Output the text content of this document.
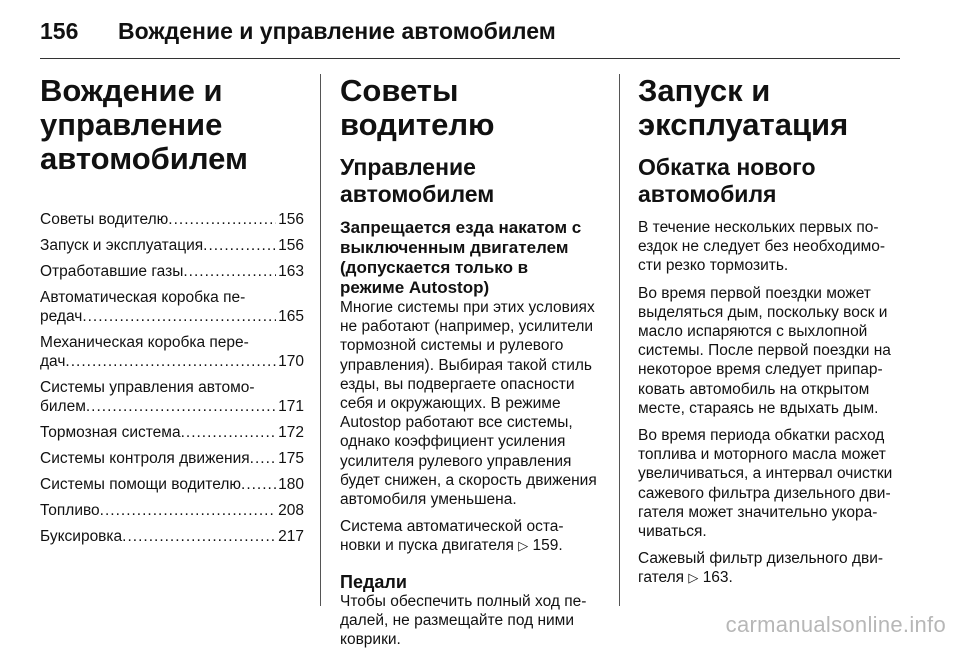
156	Вождение и управление автомобилем
Вождение и
управление
автомобилем
Советы водителю .....	156
Запуск и эксплуатация .....	156
Отработавшие газы .....	163
Автоматическая коробка пе-
редач .....	165
Механическая коробка пере-
дач .....	170
Системы управления автомо-
билем .....	171
Тормозная система .....	172
Системы контроля движения ..... 175
Системы помощи водителю ..... 180
Топливо .....	208
Буксировка .....	217
Советы водителю
Управление
автомобилем
Запрещается езда накатом с
выключенным двигателем
(допускается только в
режиме Autostop)
Многие системы при этих условиях
не работают (например, усилители
тормозной системы и рулевого
управления). Выбирая такой стиль
езды, вы подвергаете опасности
себя и окружающих. В режиме
Autostop работают все системы,
однако коэффициент усиления
усилителя рулевого управления
будет снижен, а скорость движения
автомобиля уменьшена.
Система автоматической оста-
новки и пуска двигателя ▷ 159.
Педали
Чтобы обеспечить полный ход пе-
далей, не размещайте под ними
коврики.
Запуск и эксплуатация
Обкатка нового
автомобиля
В течение нескольких первых по-
ездок не следует без необходимо-
сти резко тормозить.
Во время первой поездки может
выделяться дым, поскольку воск и
масло испаряются с выхлопной
системы. После первой поездки на
некоторое время следует припар-
ковать автомобиль на открытом
месте, стараясь не вдыхать дым.
Во время периода обкатки расход
топлива и моторного масла может
увеличиваться, а интервал очистки
сажевого фильтра дизельного дви-
гателя может значительно укора-
чиваться.
Сажевый фильтр дизельного дви-
гателя ▷ 163.
carmanualsonline.info
